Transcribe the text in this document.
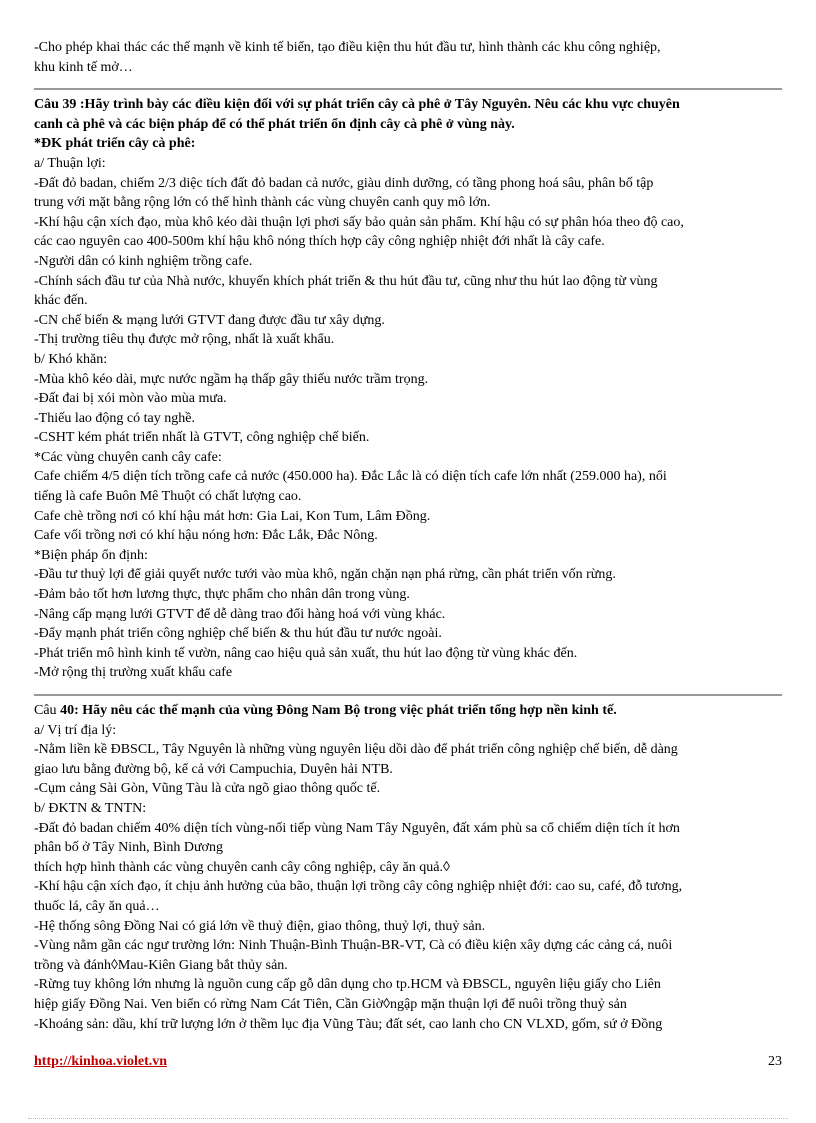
-Cho phép khai thác các thế mạnh về kinh tế biển, tạo điều kiện thu hút đầu tư, hình thành các khu công nghiệp,
khu kinh tế mở…
Câu 39 :Hãy trình bày các điều kiện đối với sự phát triển cây cà phê ở Tây Nguyên. Nêu các khu vực chuyên
canh cà phê và các biện pháp để có thể phát triển ổn định cây cà phê ở vùng này.
*ĐK phát triển cây cà phê:
a/ Thuận lợi:
-Đất đỏ badan, chiếm 2/3 diệc tích đất đỏ badan cả nước, giàu dinh dưỡng, có tầng phong hoá sâu, phân bố tập
trung với mặt bằng rộng lớn có thể hình thành các vùng chuyên canh quy mô lớn.
-Khí hậu cận xích đạo, mùa khô kéo dài thuận lợi phơi sấy bảo quản sản phẩm. Khí hậu có sự phân hóa theo độ cao,
các cao nguyên cao 400-500m khí hậu khô nóng thích hợp cây công nghiệp nhiệt đới nhất là cây cafe.
-Người dân có kinh nghiệm trồng cafe.
-Chính sách đầu tư của Nhà nước, khuyến khích phát triển & thu hút đầu tư, cũng như thu hút lao động từ vùng
khác đến.
-CN chế biến & mạng lưới GTVT đang được đầu tư xây dựng.
-Thị trường tiêu thụ được mở rộng, nhất là xuất khẩu.
b/ Khó khăn:
-Mùa khô kéo dài, mực nước ngầm hạ thấp gây thiếu nước trầm trọng.
-Đất đai bị xói mòn vào mùa mưa.
-Thiếu lao động có tay nghề.
-CSHT kém phát triển nhất là GTVT, công nghiệp chế biến.
*Các vùng chuyên canh cây cafe:
Cafe chiếm 4/5 diện tích trồng cafe cả nước (450.000 ha). Đắc Lắc là có diện tích cafe lớn nhất (259.000 ha), nổi
tiếng là cafe Buôn Mê Thuột có chất lượng cao.
Cafe chè trồng nơi có khí hậu mát hơn: Gia Lai, Kon Tum, Lâm Đồng.
Cafe vối trồng nơi có khí hậu nóng hơn: Đắc Lắk, Đắc Nông.
*Biện pháp ổn định:
-Đầu tư thuỷ lợi để giải quyết nước tưới vào mùa khô, ngăn chặn nạn phá rừng, cần phát triển vốn rừng.
-Đảm bảo tốt hơn lương thực, thực phẩm cho nhân dân trong vùng.
-Nâng cấp mạng lưới GTVT để dễ dàng trao đổi hàng hoá với vùng khác.
-Đẩy mạnh phát triển công nghiệp chế biến & thu hút đầu tư nước ngoài.
-Phát triển mô hình kinh tế vườn, nâng cao hiệu quả sản xuất, thu hút lao động từ vùng khác đến.
-Mở rộng thị trường xuất khẩu cafe
Câu 40: Hãy nêu các thế mạnh của vùng Đông Nam Bộ trong việc phát triển tổng hợp nền kinh tế.
a/ Vị trí địa lý:
-Nằm liền kề ĐBSCL, Tây Nguyên là những vùng nguyên liệu dồi dào để phát triển công nghiệp chế biến, dễ dàng
giao lưu bằng đường bộ, kể cả với Campuchia, Duyên hải NTB.
-Cụm cảng Sài Gòn, Vũng Tàu là cửa ngõ giao thông quốc tế.
b/ ĐKTN & TNTN:
-Đất đỏ badan chiếm 40% diện tích vùng-nối tiếp vùng Nam Tây Nguyên, đất xám phù sa cổ chiếm diện tích ít hơn
phân bố ở Tây Ninh, Bình Dương
thích hợp hình thành các vùng chuyên canh cây công nghiệp, cây ăn quả.◊
-Khí hậu cận xích đạo, ít chịu ảnh hưởng của bão, thuận lợi trồng cây công nghiệp nhiệt đới: cao su, café, đỗ tương,
thuốc lá, cây ăn quả…
-Hệ thống sông Đồng Nai có giá lớn về thuỷ điện, giao thông, thuỷ lợi, thuỷ sản.
-Vùng nằm gần các ngư trường lớn: Ninh Thuận-Bình Thuận-BR-VT, Cà có điều kiện xây dựng các cảng cá, nuôi
trồng và đánh◊Mau-Kiên Giang bắt thủy sản.
-Rừng tuy không lớn nhưng là nguồn cung cấp gỗ dân dụng cho tp.HCM và ĐBSCL, nguyên liệu giấy cho Liên
hiệp giấy Đồng Nai. Ven biển có rừng Nam Cát Tiên, Cần Giờ◊ngập mặn thuận lợi để nuôi trồng thuỷ sản
-Khoáng sản: dầu, khí trữ lượng lớn ở thềm lục địa Vũng Tàu; đất sét, cao lanh cho CN VLXD, gốm, sứ ở Đồng
http://kinhoa.violet.vn	23
